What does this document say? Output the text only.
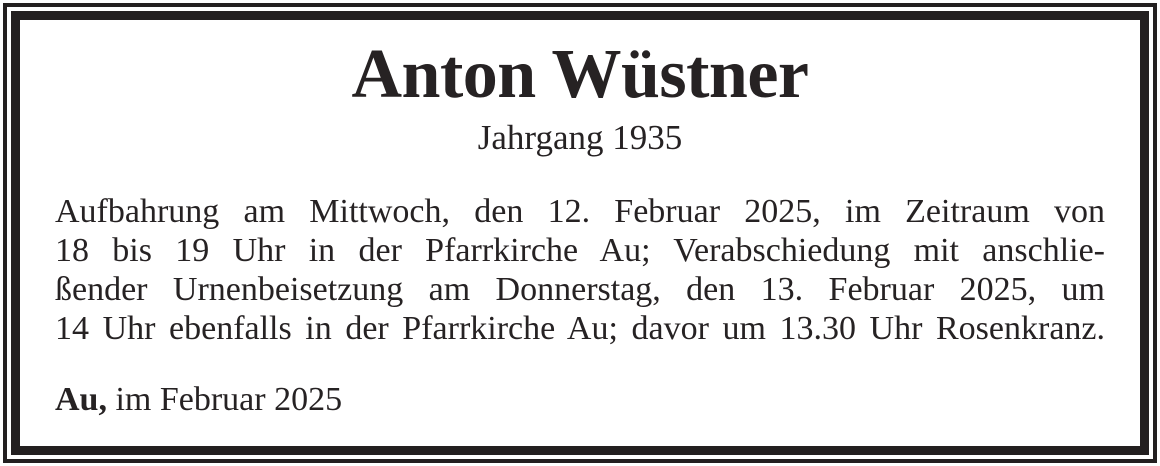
Anton Wüstner
Jahrgang 1935
Aufbahrung am Mittwoch, den 12. Februar 2025, im Zeitraum von
18 bis 19 Uhr in der Pfarrkirche Au; Verabschiedung mit anschlie-
ßender Urnenbeisetzung am Donnerstag, den 13. Februar 2025, um
14 Uhr ebenfalls in der Pfarrkirche Au; davor um 13.30 Uhr Rosenkranz.
Au, im Februar 2025
